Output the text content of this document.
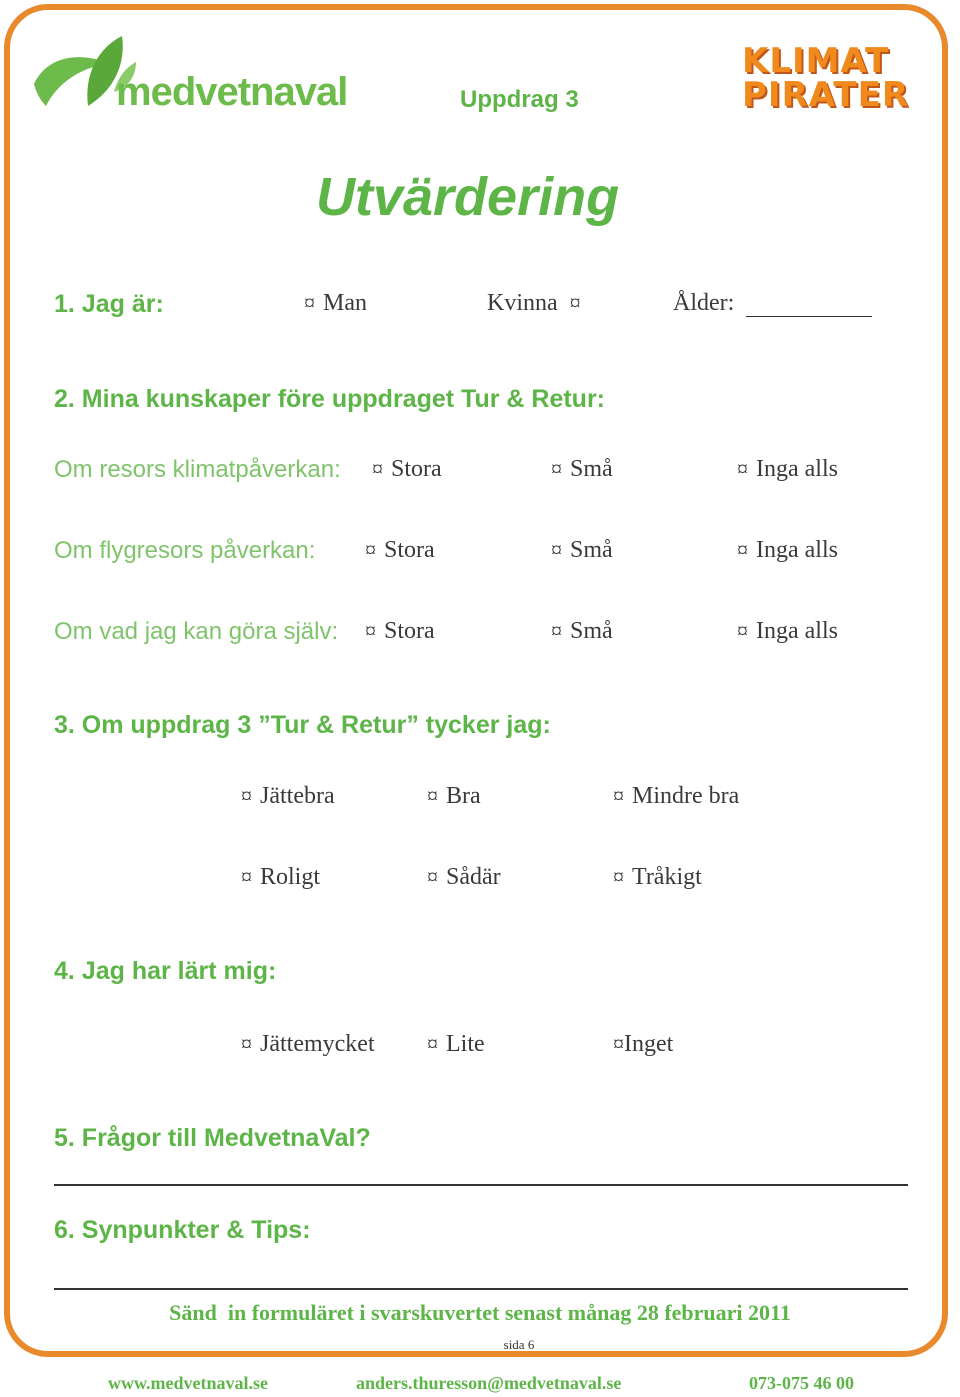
medvetnaval	Uppdrag 3
KLIMAT
PIRATER
Utvärdering
1. Jag är:	¤ Man	Kvinna ¤	Ålder:
2. Mina kunskaper före uppdraget Tur & Retur:
Om resors klimatpåverkan: ¤ Stora	¤ Små	¤ Inga alls
Om flygresors påverkan: ¤ Stora	¤ Små	¤ Inga alls
Om vad jag kan göra själv: ¤ Stora	¤ Små	¤ Inga alls
3. Om uppdrag 3 ”Tur & Retur” tycker jag:
¤ Jättebra	¤ Bra	¤ Mindre bra
¤ Roligt	¤ Sådär	¤ Tråkigt
4. Jag har lärt mig:
¤ Jättemycket ¤ Lite	¤Inget
5. Frågor till MedvetnaVal?
6. Synpunkter & Tips:
Sänd  in formuläret i svarskuvertet senast månag 28 februari 2011
sida 6
www.medvetnaval.se	anders.thuresson@medvetnaval.se	073-075 46 00
